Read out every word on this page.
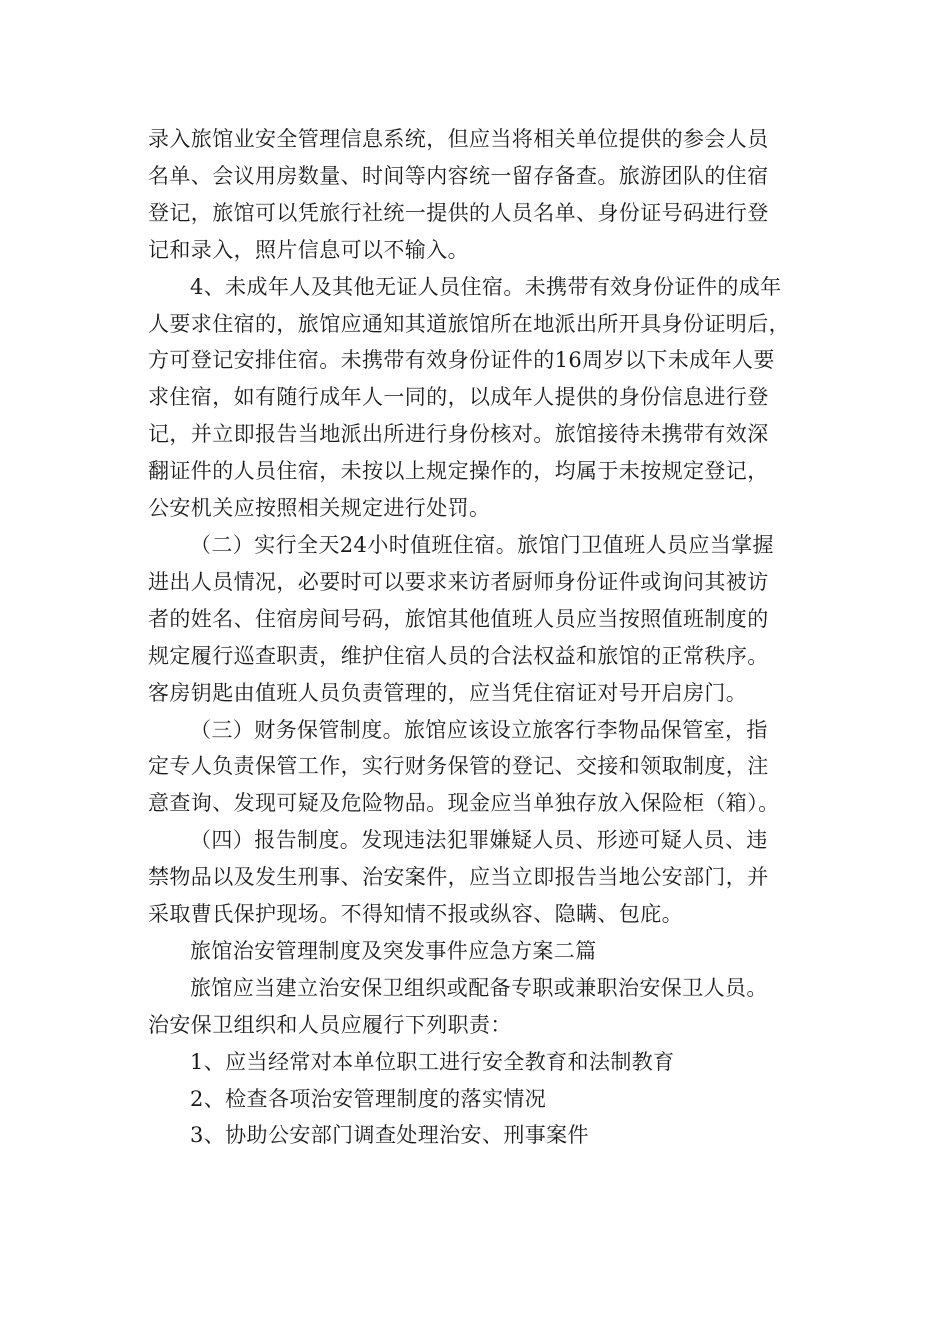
录入旅馆业安全管理信息系统，但应当将相关单位提供的参会人员
名单、会议用房数量、时间等内容统一留存备查。旅游团队的住宿
登记，旅馆可以凭旅行社统一提供的人员名单、身份证号码进行登
记和录入，照片信息可以不输入。

4、未成年人及其他无证人员住宿。未携带有效身份证件的成年
人要求住宿的，旅馆应通知其道旅馆所在地派出所开具身份证明后，
方可登记安排住宿。未携带有效身份证件的16周岁以下未成年人要
求住宿，如有随行成年人一同的，以成年人提供的身份信息进行登
记，并立即报告当地派出所进行身份核对。旅馆接待未携带有效深
翻证件的人员住宿，未按以上规定操作的，均属于未按规定登记，
公安机关应按照相关规定进行处罚。

（二）实行全天24小时值班住宿。旅馆门卫值班人员应当掌握
进出人员情况，必要时可以要求来访者厨师身份证件或询问其被访
者的姓名、住宿房间号码，旅馆其他值班人员应当按照值班制度的
规定履行巡查职责，维护住宿人员的合法权益和旅馆的正常秩序。
客房钥匙由值班人员负责管理的，应当凭住宿证对号开启房门。

（三）财务保管制度。旅馆应该设立旅客行李物品保管室，指
定专人负责保管工作，实行财务保管的登记、交接和领取制度，注
意查询、发现可疑及危险物品。现金应当单独存放入保险柜（箱）。

（四）报告制度。发现违法犯罪嫌疑人员、形迹可疑人员、违
禁物品以及发生刑事、治安案件，应当立即报告当地公安部门，并
采取曹氏保护现场。不得知情不报或纵容、隐瞒、包庇。

旅馆治安管理制度及突发事件应急方案二篇

旅馆应当建立治安保卫组织或配备专职或兼职治安保卫人员。
治安保卫组织和人员应履行下列职责：

1、应当经常对本单位职工进行安全教育和法制教育

2、检查各项治安管理制度的落实情况

3、协助公安部门调查处理治安、刑事案件
